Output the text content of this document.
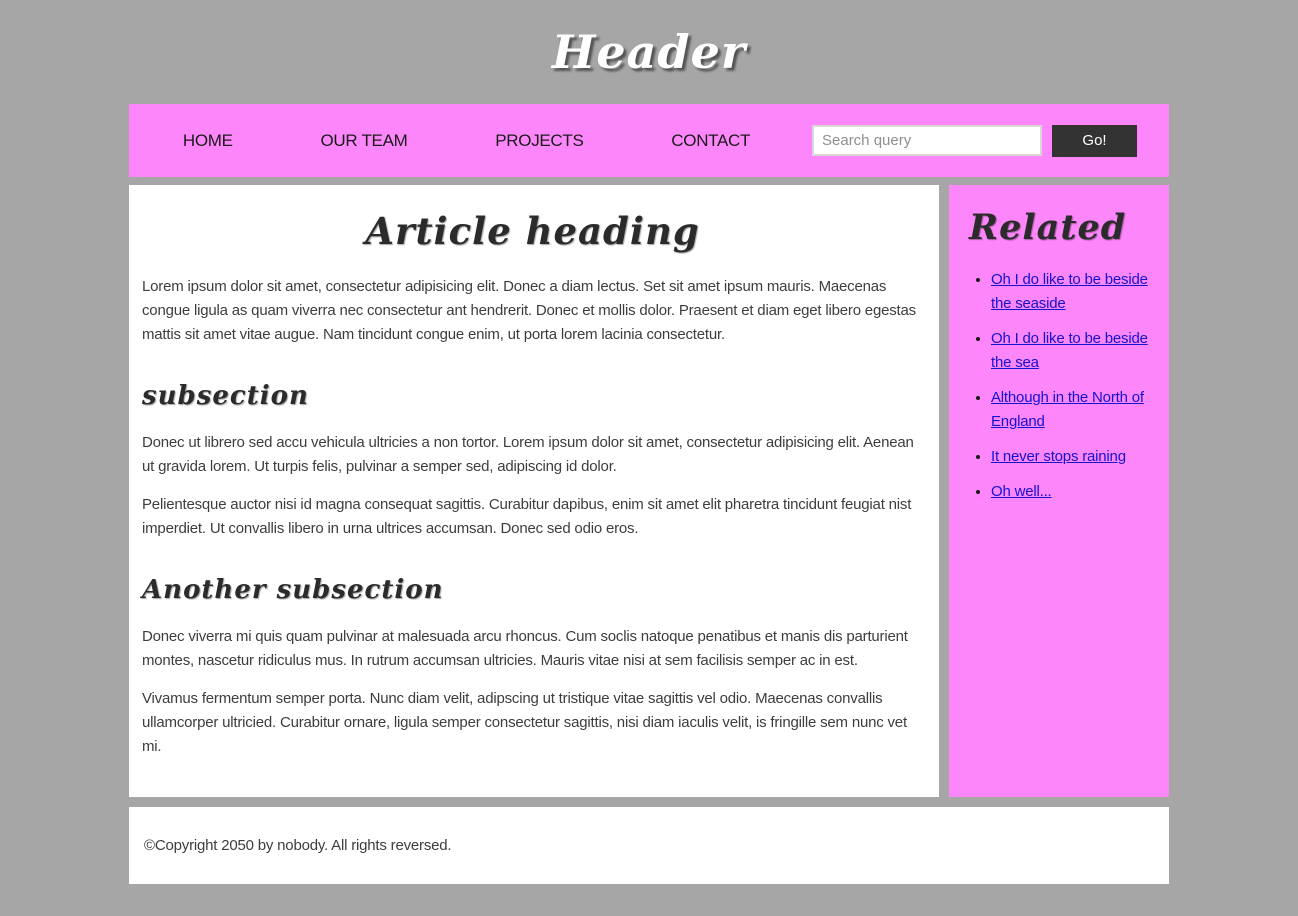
Header
HOME	OUR TEAM	PROJECTS	CONTACT
Search query	Go!
Article heading

Lorem ipsum dolor sit amet, consectetur adipisicing elit. Donec a diam lectus. Set sit amet ipsum mauris. Maecenas congue ligula as quam viverra nec consectetur ant hendrerit. Donec et mollis dolor. Praesent et diam eget libero egestas mattis sit amet vitae augue. Nam tincidunt congue enim, ut porta lorem lacinia consectetur.

subsection

Donec ut librero sed accu vehicula ultricies a non tortor. Lorem ipsum dolor sit amet, consectetur adipisicing elit. Aenean ut gravida lorem. Ut turpis felis, pulvinar a semper sed, adipiscing id dolor.

Pelientesque auctor nisi id magna consequat sagittis. Curabitur dapibus, enim sit amet elit pharetra tincidunt feugiat nist imperdiet. Ut convallis libero in urna ultrices accumsan. Donec sed odio eros.

Another subsection

Donec viverra mi quis quam pulvinar at malesuada arcu rhoncus. Cum soclis natoque penatibus et manis dis parturient montes, nascetur ridiculus mus. In rutrum accumsan ultricies. Mauris vitae nisi at sem facilisis semper ac in est.

Vivamus fermentum semper porta. Nunc diam velit, adipscing ut tristique vitae sagittis vel odio. Maecenas convallis ullamcorper ultricied. Curabitur ornare, ligula semper consectetur sagittis, nisi diam iaculis velit, is fringille sem nunc vet mi.

Related
• Oh I do like to be beside the seaside
• Oh I do like to be beside the sea
• Although in the North of England
• It never stops raining
• Oh well...

©Copyright 2050 by nobody. All rights reversed.
